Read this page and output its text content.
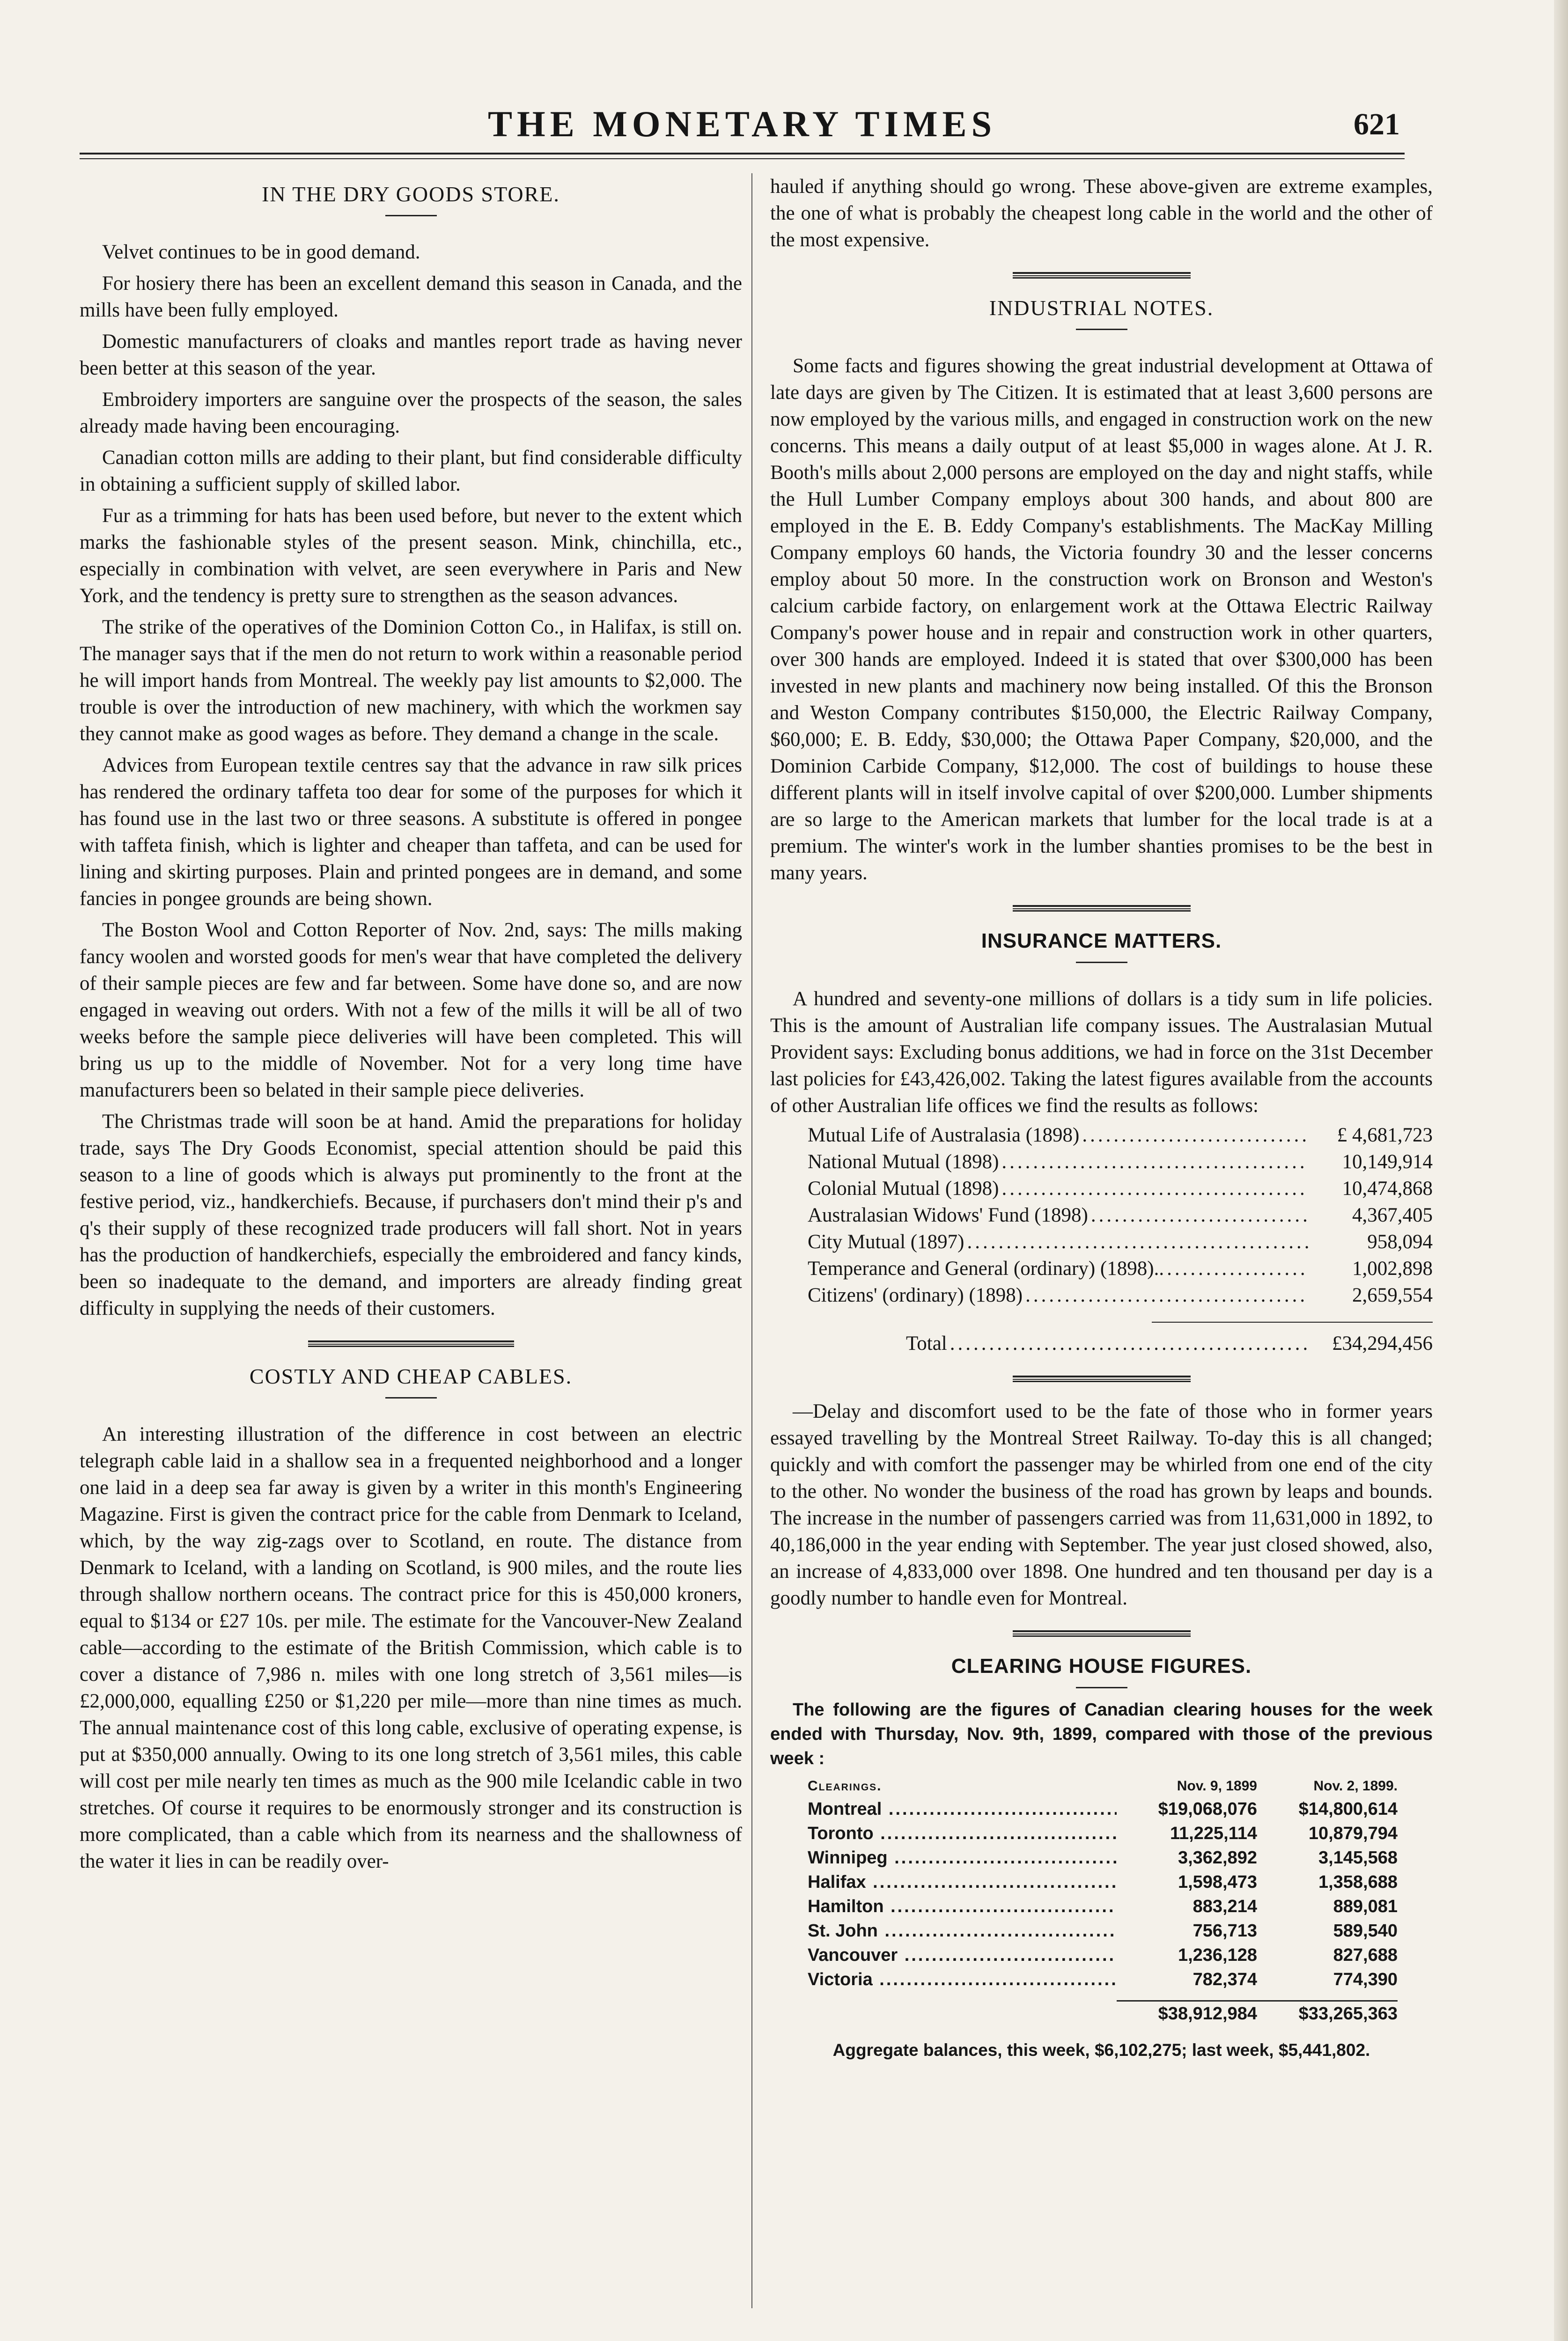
THE MONETARY TIMES	621
IN THE DRY GOODS STORE.

Velvet continues to be in good demand.

For hosiery there has been an excellent demand this season in Canada, and the mills have been fully employed.

Domestic manufacturers of cloaks and mantles report trade as having never been better at this season of the year.

Embroidery importers are sanguine over the prospects of the season, the sales already made having been encouraging.

Canadian cotton mills are adding to their plant, but find considerable difficulty in obtaining a sufficient supply of skilled labor.

Fur as a trimming for hats has been used before, but never to the extent which marks the fashionable styles of the present season. Mink, chinchilla, etc., especially in combination with velvet, are seen everywhere in Paris and New York, and the tendency is pretty sure to strengthen as the season advances.

The strike of the operatives of the Dominion Cotton Co., in Halifax, is still on. The manager says that if the men do not return to work within a reasonable period he will import hands from Montreal. The weekly pay list amounts to $2,000. The trouble is over the introduction of new machinery, with which the workmen say they cannot make as good wages as before. They demand a change in the scale.

Advices from European textile centres say that the advance in raw silk prices has rendered the ordinary taffeta too dear for some of the purposes for which it has found use in the last two or three seasons. A substitute is offered in pongee with taffeta finish, which is lighter and cheaper than taffeta, and can be used for lining and skirting purposes. Plain and printed pongees are in demand, and some fancies in pongee grounds are being shown.

The Boston Wool and Cotton Reporter of Nov. 2nd, says: The mills making fancy woolen and worsted goods for men's wear that have completed the delivery of their sample pieces are few and far between. Some have done so, and are now engaged in weaving out orders. With not a few of the mills it will be all of two weeks before the sample piece deliveries will have been completed. This will bring us up to the middle of November. Not for a very long time have manufacturers been so belated in their sample piece deliveries.

The Christmas trade will soon be at hand. Amid the preparations for holiday trade, says The Dry Goods Economist, special attention should be paid this season to a line of goods which is always put prominently to the front at the festive period, viz., handkerchiefs. Because, if purchasers don't mind their p's and q's their supply of these recognized trade producers will fall short. Not in years has the production of handkerchiefs, especially the embroidered and fancy kinds, been so inadequate to the demand, and importers are already finding great difficulty in supplying the needs of their customers.

COSTLY AND CHEAP CABLES.

An interesting illustration of the difference in cost between an electric telegraph cable laid in a shallow sea in a frequented neighborhood and a longer one laid in a deep sea far away is given by a writer in this month's Engineering Magazine. First is given the contract price for the cable from Denmark to Iceland, which, by the way zig-zags over to Scotland, en route. The distance from Denmark to Iceland, with a landing on Scotland, is 900 miles, and the route lies through shallow northern oceans. The contract price for this is 450,000 kroners, equal to $134 or £27 10s. per mile. The estimate for the Vancouver-New Zealand cable—according to the estimate of the British Commission, which cable is to cover a distance of 7,986 n. miles with one long stretch of 3,561 miles—is £2,000,000, equalling £250 or $1,220 per mile—more than nine times as much. The annual maintenance cost of this long cable, exclusive of operating expense, is put at $350,000 annually. Owing to its one long stretch of 3,561 miles, this cable will cost per mile nearly ten times as much as the 900 mile Icelandic cable in two stretches. Of course it requires to be enormously stronger and its construction is more complicated, than a cable which from its nearness and the shallowness of the water it lies in can be readily over-

hauled if anything should go wrong. These above-given are extreme examples, the one of what is probably the cheapest long cable in the world and the other of the most expensive.

INDUSTRIAL NOTES.

Some facts and figures showing the great industrial development at Ottawa of late days are given by The Citizen. It is estimated that at least 3,600 persons are now employed by the various mills, and engaged in construction work on the new concerns. This means a daily output of at least $5,000 in wages alone. At J. R. Booth's mills about 2,000 persons are employed on the day and night staffs, while the Hull Lumber Company employs about 300 hands, and about 800 are employed in the E. B. Eddy Company's establishments. The MacKay Milling Company employs 60 hands, the Victoria foundry 30 and the lesser concerns employ about 50 more. In the construction work on Bronson and Weston's calcium carbide factory, on enlargement work at the Ottawa Electric Railway Company's power house and in repair and construction work in other quarters, over 300 hands are employed. Indeed it is stated that over $300,000 has been invested in new plants and machinery now being installed. Of this the Bronson and Weston Company contributes $150,000, the Electric Railway Company, $60,000; E. B. Eddy, $30,000; the Ottawa Paper Company, $20,000, and the Dominion Carbide Company, $12,000. The cost of buildings to house these different plants will in itself involve capital of over $200,000. Lumber shipments are so large to the American markets that lumber for the local trade is at a premium. The winter's work in the lumber shanties promises to be the best in many years.

INSURANCE MATTERS.

A hundred and seventy-one millions of dollars is a tidy sum in life policies. This is the amount of Australian life company issues. The Australasian Mutual Provident says: Excluding bonus additions, we had in force on the 31st December last policies for £43,426,002. Taking the latest figures available from the accounts of other Australian life offices we find the results as follows:

Mutual Life of Australasia (1898) .....	£ 4,681,723
National Mutual (1898) .....	10,149,914
Colonial Mutual (1898) .....	10,474,868
Australasian Widows' Fund (1898) .....	4,367,405
City Mutual (1897) .....	958,094
Temperance and General (ordinary) (1898).. .....	1,002,898
Citizens' (ordinary) (1898) .....	2,659,554
Total .....	£34,294,456

—Delay and discomfort used to be the fate of those who in former years essayed travelling by the Montreal Street Railway. To-day this is all changed; quickly and with comfort the passenger may be whirled from one end of the city to the other. No wonder the business of the road has grown by leaps and bounds. The increase in the number of passengers carried was from 11,631,000 in 1892, to 40,186,000 in the year ending with September. The year just closed showed, also, an increase of 4,833,000 over 1898. One hundred and ten thousand per day is a goodly number to handle even for Montreal.

CLEARING HOUSE FIGURES.
The following are the figures of Canadian clearing houses for the week ended with Thursday, Nov. 9th, 1899, compared with those of the previous week :
Clearings.	Nov. 9, 1899	Nov. 2, 1899.
Montreal .....	$19,068,076	$14,800,614
Toronto .....	11,225,114	10,879,794
Winnipeg .....	3,362,892	3,145,568
Halifax .....	1,598,473	1,358,688
Hamilton .....	883,214	889,081
St. John .....	756,713	589,540
Vancouver .....	1,236,128	827,688
Victoria .....	782,374	774,390
$38,912,984	$33,265,363
Aggregate balances, this week, $6,102,275; last week, $5,441,802.
